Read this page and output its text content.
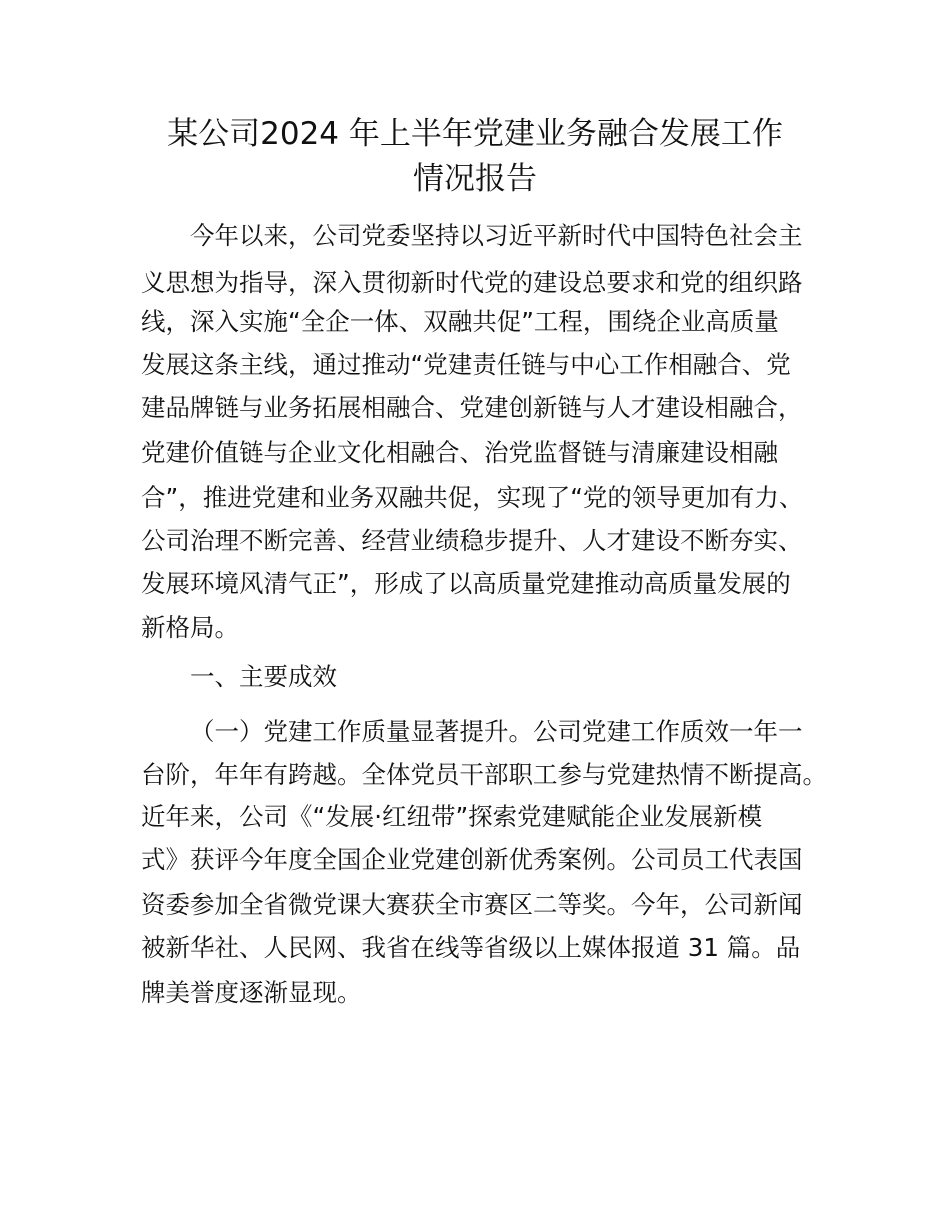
某公司2024 年上半年党建业务融合发展工作
情况报告

今年以来，公司党委坚持以习近平新时代中国特色社会主

义思想为指导，深入贯彻新时代党的建设总要求和党的组织路

线，深入实施“全企一体、双融共促”工程，围绕企业高质量

发展这条主线，通过推动“党建责任链与中心工作相融合、党

建品牌链与业务拓展相融合、党建创新链与人才建设相融合，

党建价值链与企业文化相融合、治党监督链与清廉建设相融

合”，推进党建和业务双融共促，实现了“党的领导更加有力、

公司治理不断完善、经营业绩稳步提升、人才建设不断夯实、

发展环境风清气正”，形成了以高质量党建推动高质量发展的

新格局。

一、主要成效

（一）党建工作质量显著提升。公司党建工作质效一年一

台阶，年年有跨越。全体党员干部职工参与党建热情不断提高。

近年来，公司《“发展·红纽带”探索党建赋能企业发展新模

式》获评今年度全国企业党建创新优秀案例。公司员工代表国

资委参加全省微党课大赛获全市赛区二等奖。今年，公司新闻

被新华社、人民网、我省在线等省级以上媒体报道 31 篇。品

牌美誉度逐渐显现。
